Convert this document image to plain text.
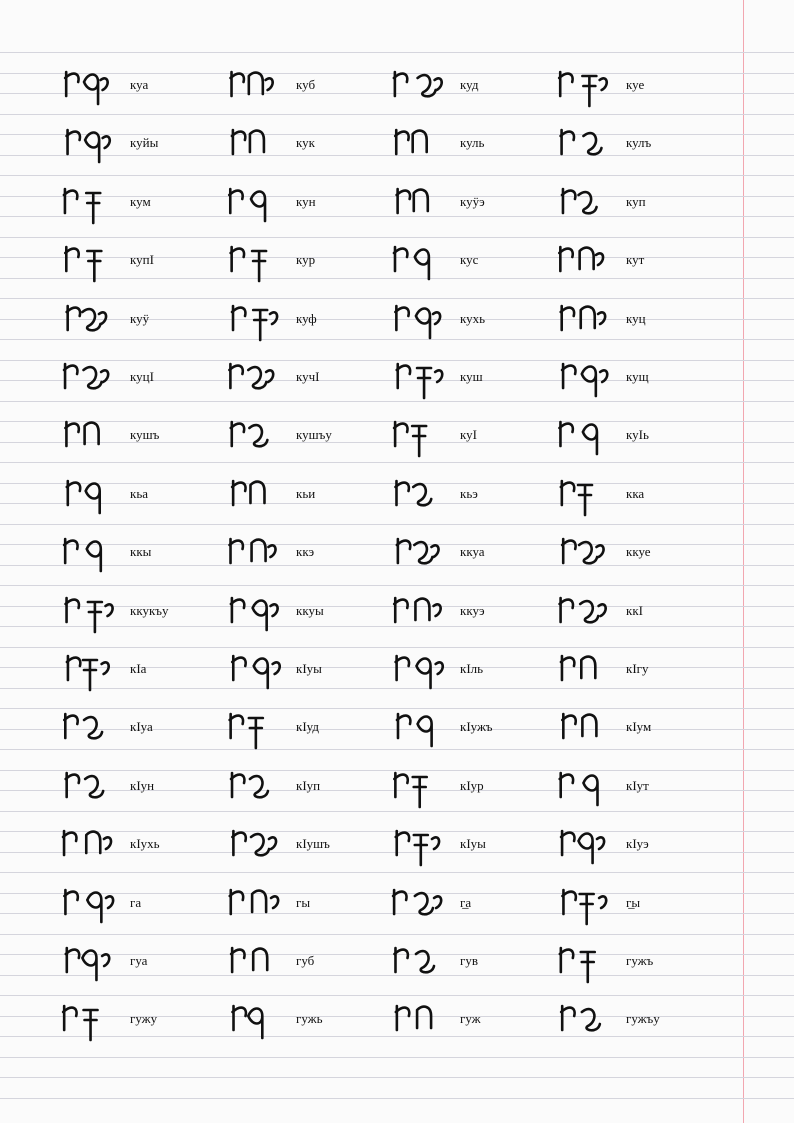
куа	куб	куд	куе
куйы	кук	куль	кулъ
кум	кун	куӱэ	куп
купI	кур	кус	кут
куӱ	куф	кухь	куц
куцI	кучI	куш	кущ
кушъ	кушъу	куI	куIь
кьа	кьи	кьэ	кка
ккы	ккэ	ккуа	ккуе
ккукъу	ккуы	ккуэ	ккI
кIа	кIуы	кIль	кIгу
кIуа	кIуд	кIужъ	кIум
кIун	кIуп	кIур	кIут
кIухь	кIушъ	кIуы	кIуэ
га	гы	г̲а	г̲ы
гуа	губ	гув	гужъ
гужу	гужь	гуж	гужъу
